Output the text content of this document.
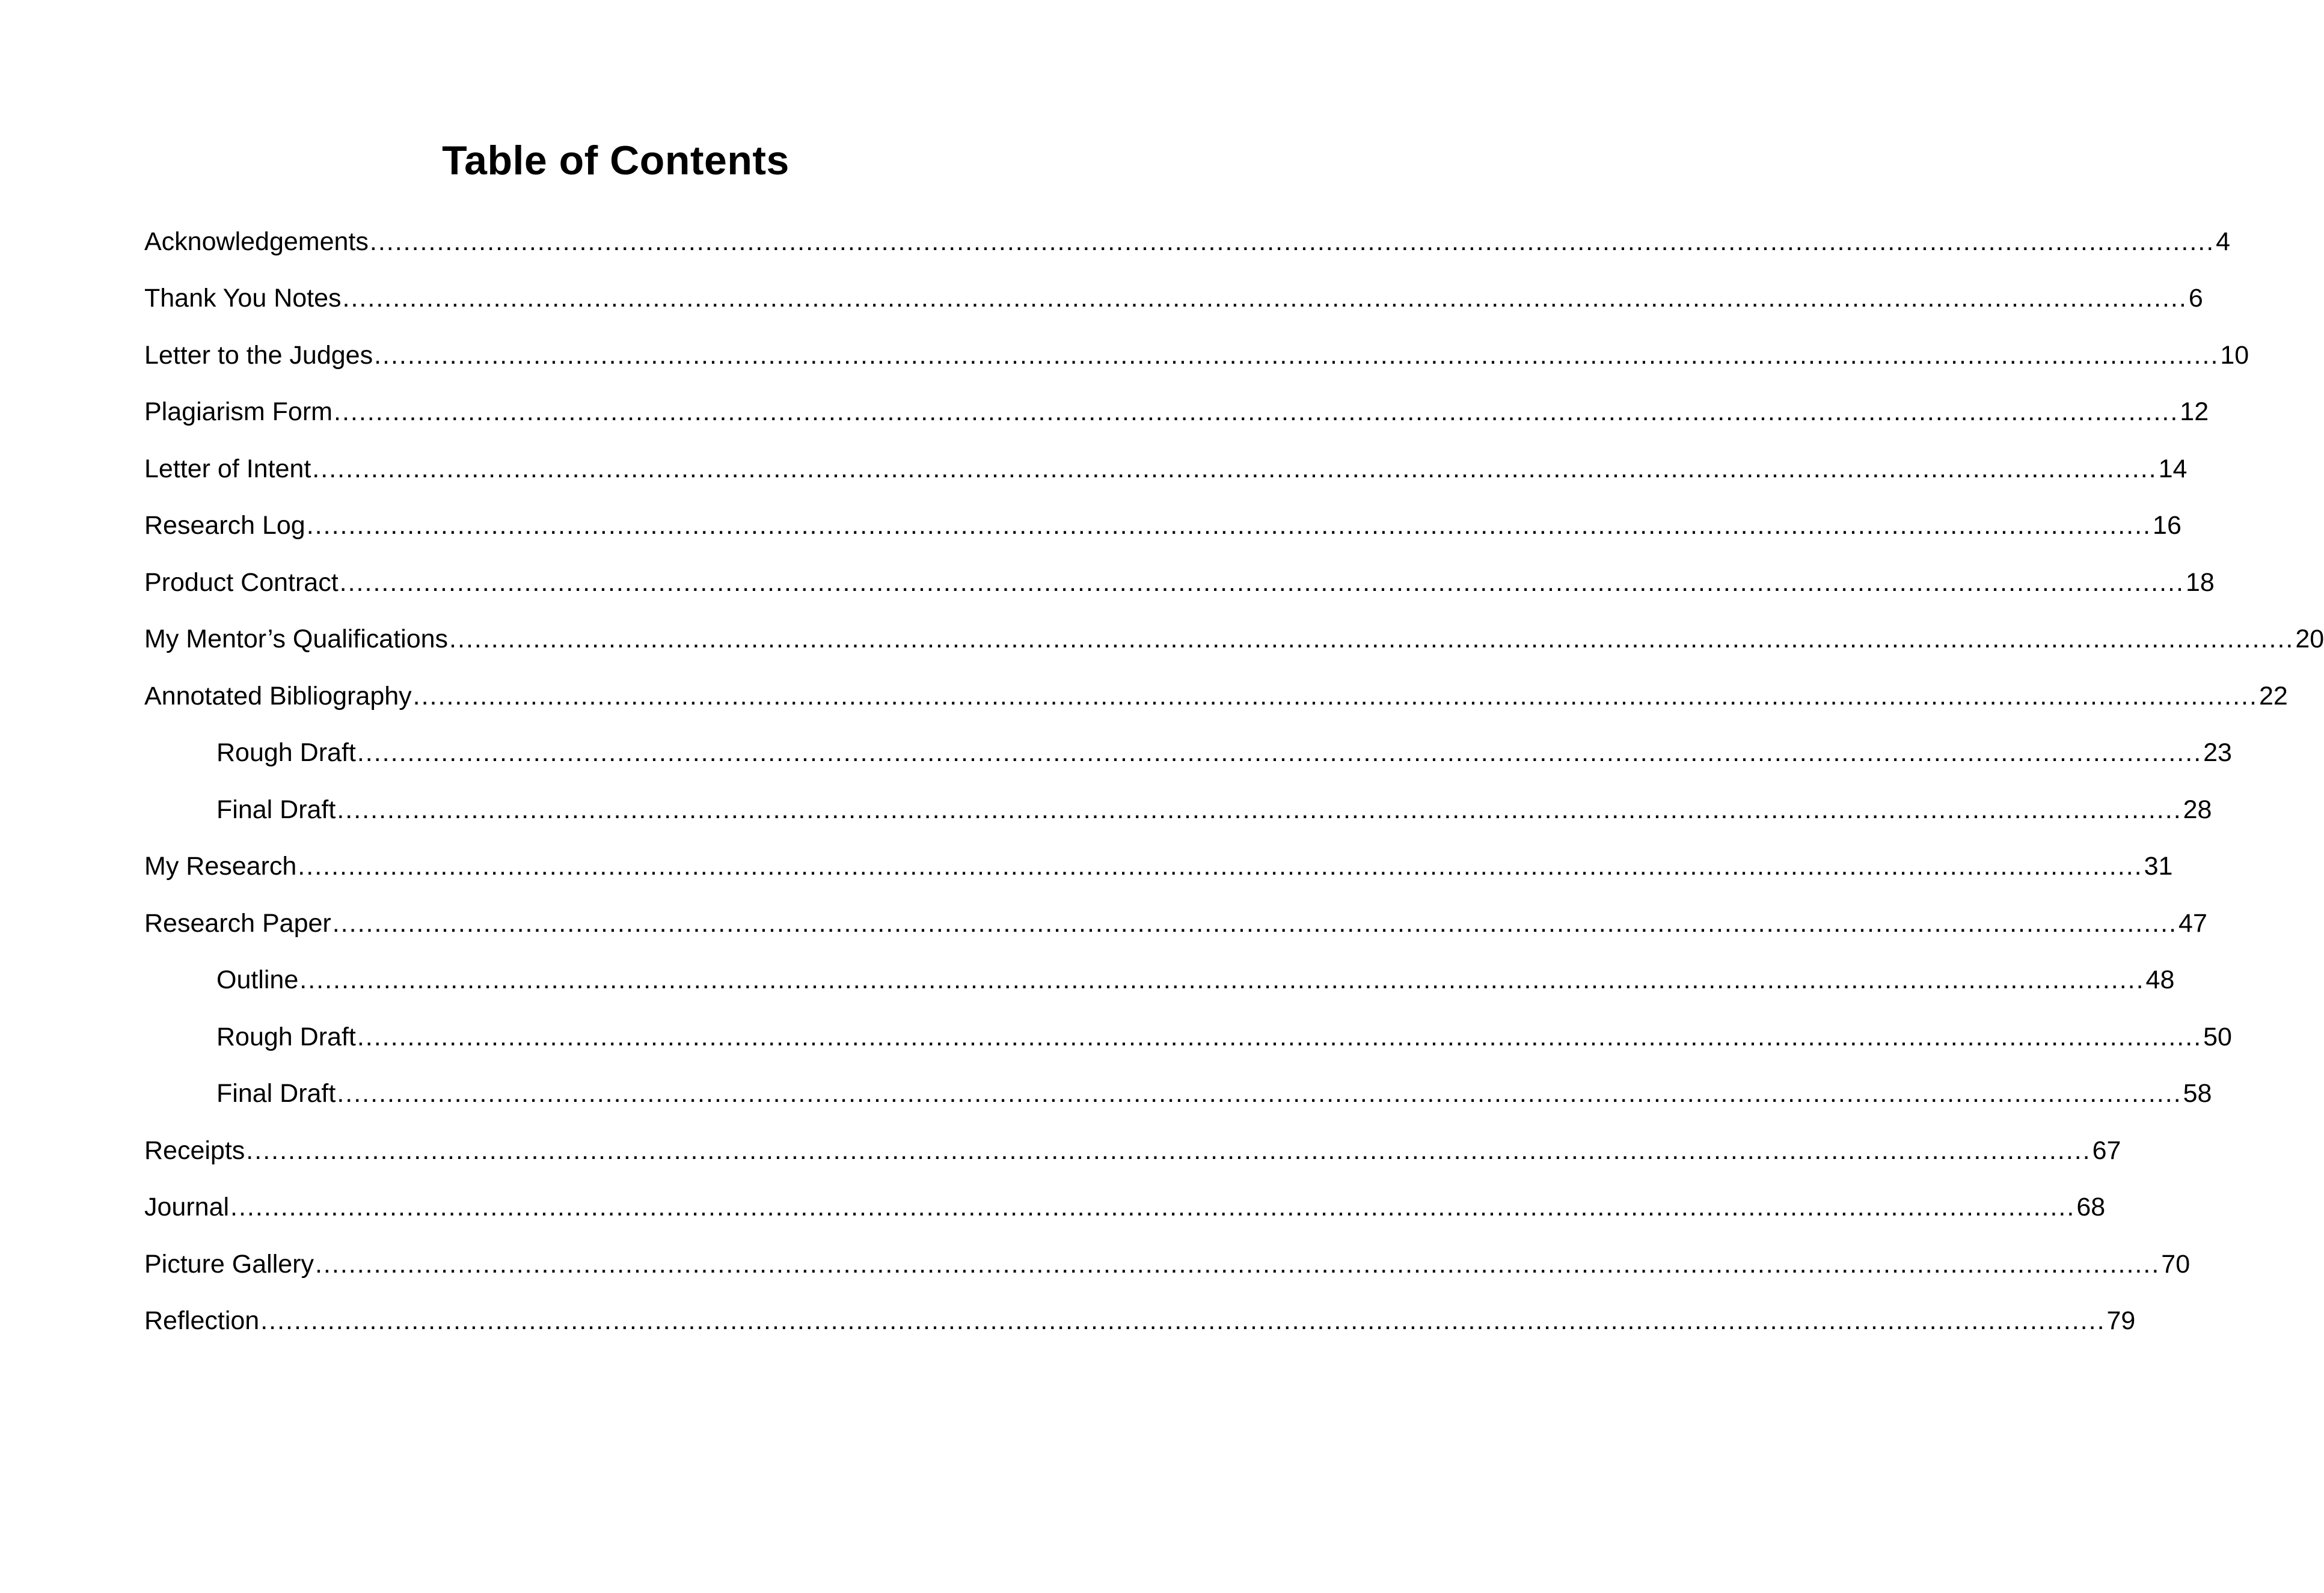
Table of Contents
Acknowledgements ............................................................................................................................................................................................................................ 4
Thank You Notes ............................................................................................................................................................................................................................ 6
Letter to the Judges ............................................................................................................................................................................................................................ 10
Plagiarism Form ............................................................................................................................................................................................................................ 12
Letter of Intent ............................................................................................................................................................................................................................ 14
Research Log ............................................................................................................................................................................................................................ 16
Product Contract ............................................................................................................................................................................................................................ 18
My Mentor’s Qualifications ............................................................................................................................................................................................................................ 20
Annotated Bibliography ............................................................................................................................................................................................................................ 22
Rough Draft ............................................................................................................................................................................................................................ 23
Final Draft ............................................................................................................................................................................................................................ 28
My Research ............................................................................................................................................................................................................................ 31
Research Paper ............................................................................................................................................................................................................................ 47
Outline ............................................................................................................................................................................................................................ 48
Rough Draft ............................................................................................................................................................................................................................ 50
Final Draft ............................................................................................................................................................................................................................ 58
Receipts ............................................................................................................................................................................................................................ 67
Journal ............................................................................................................................................................................................................................ 68
Picture Gallery ............................................................................................................................................................................................................................ 70
Reflection ............................................................................................................................................................................................................................ 79
